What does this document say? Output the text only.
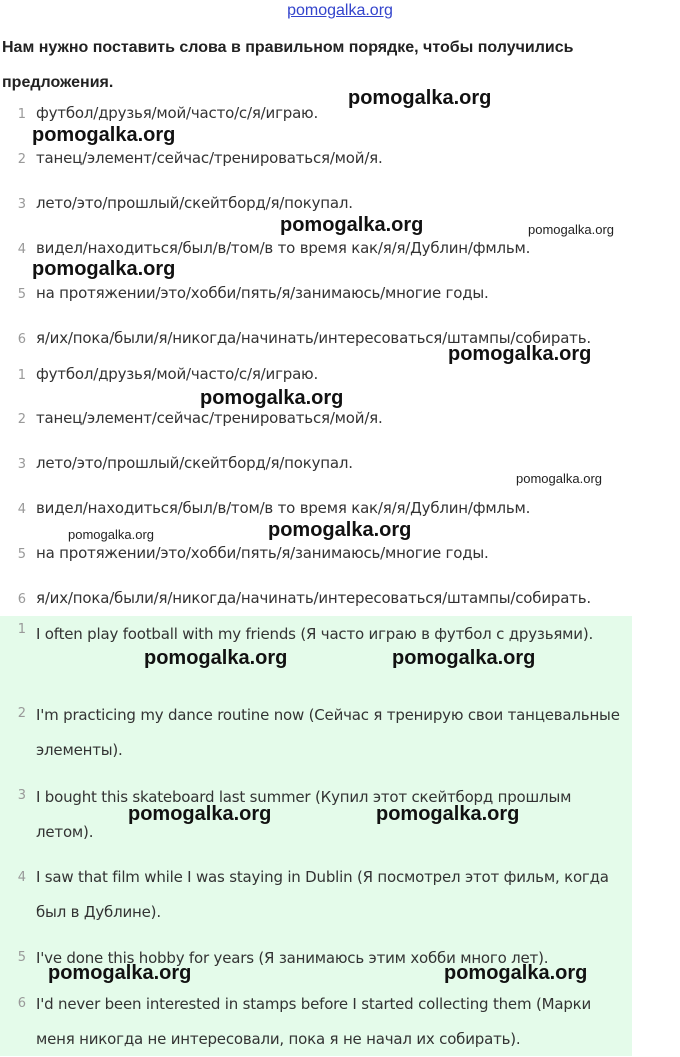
pomogalka.org
Нам нужно поставить слова в правильном порядке, чтобы получились предложения.
1 футбол/друзья/мой/часто/с/я/играю.
2 танец/элемент/сейчас/тренироваться/мой/я.
3 лето/это/прошлый/скейтборд/я/покупал.
4 видел/находиться/был/в/том/в то время как/я/я/Дублин/фмльм.
5 на протяжении/это/хобби/пять/я/занимаюсь/многие годы.
6 я/их/пока/были/я/никогда/начинать/интересоваться/штампы/собирать.
1 футбол/друзья/мой/часто/с/я/играю.
2 танец/элемент/сейчас/тренироваться/мой/я.
3 лето/это/прошлый/скейтборд/я/покупал.
4 видел/находиться/был/в/том/в то время как/я/я/Дублин/фмльм.
5 на протяжении/это/хобби/пять/я/занимаюсь/многие годы.
6 я/их/пока/были/я/никогда/начинать/интересоваться/штампы/собирать.
1 I often play football with my friends (Я часто играю в футбол с друзьями).
2 I'm practicing my dance routine now (Сейчас я тренирую свои танцевальные элементы).
3 I bought this skateboard last summer (Купил этот скейтборд прошлым летом).
4 I saw that film while I was staying in Dublin (Я посмотрел этот фильм, когда был в Дублине).
5 I've done this hobby for years (Я занимаюсь этим хобби много лет).
6 I'd never been interested in stamps before I started collecting them (Марки меня никогда не интересовали, пока я не начал их собирать).
pomogalka.org
pomogalka.org
pomogalka.org	pomogalka.org
pomogalka.org
pomogalka.org
pomogalka.org
pomogalka.org
pomogalka.org
pomogalka.org
pomogalka.org	pomogalka.org
pomogalka.org	pomogalka.org
pomogalka.org	pomogalka.org
